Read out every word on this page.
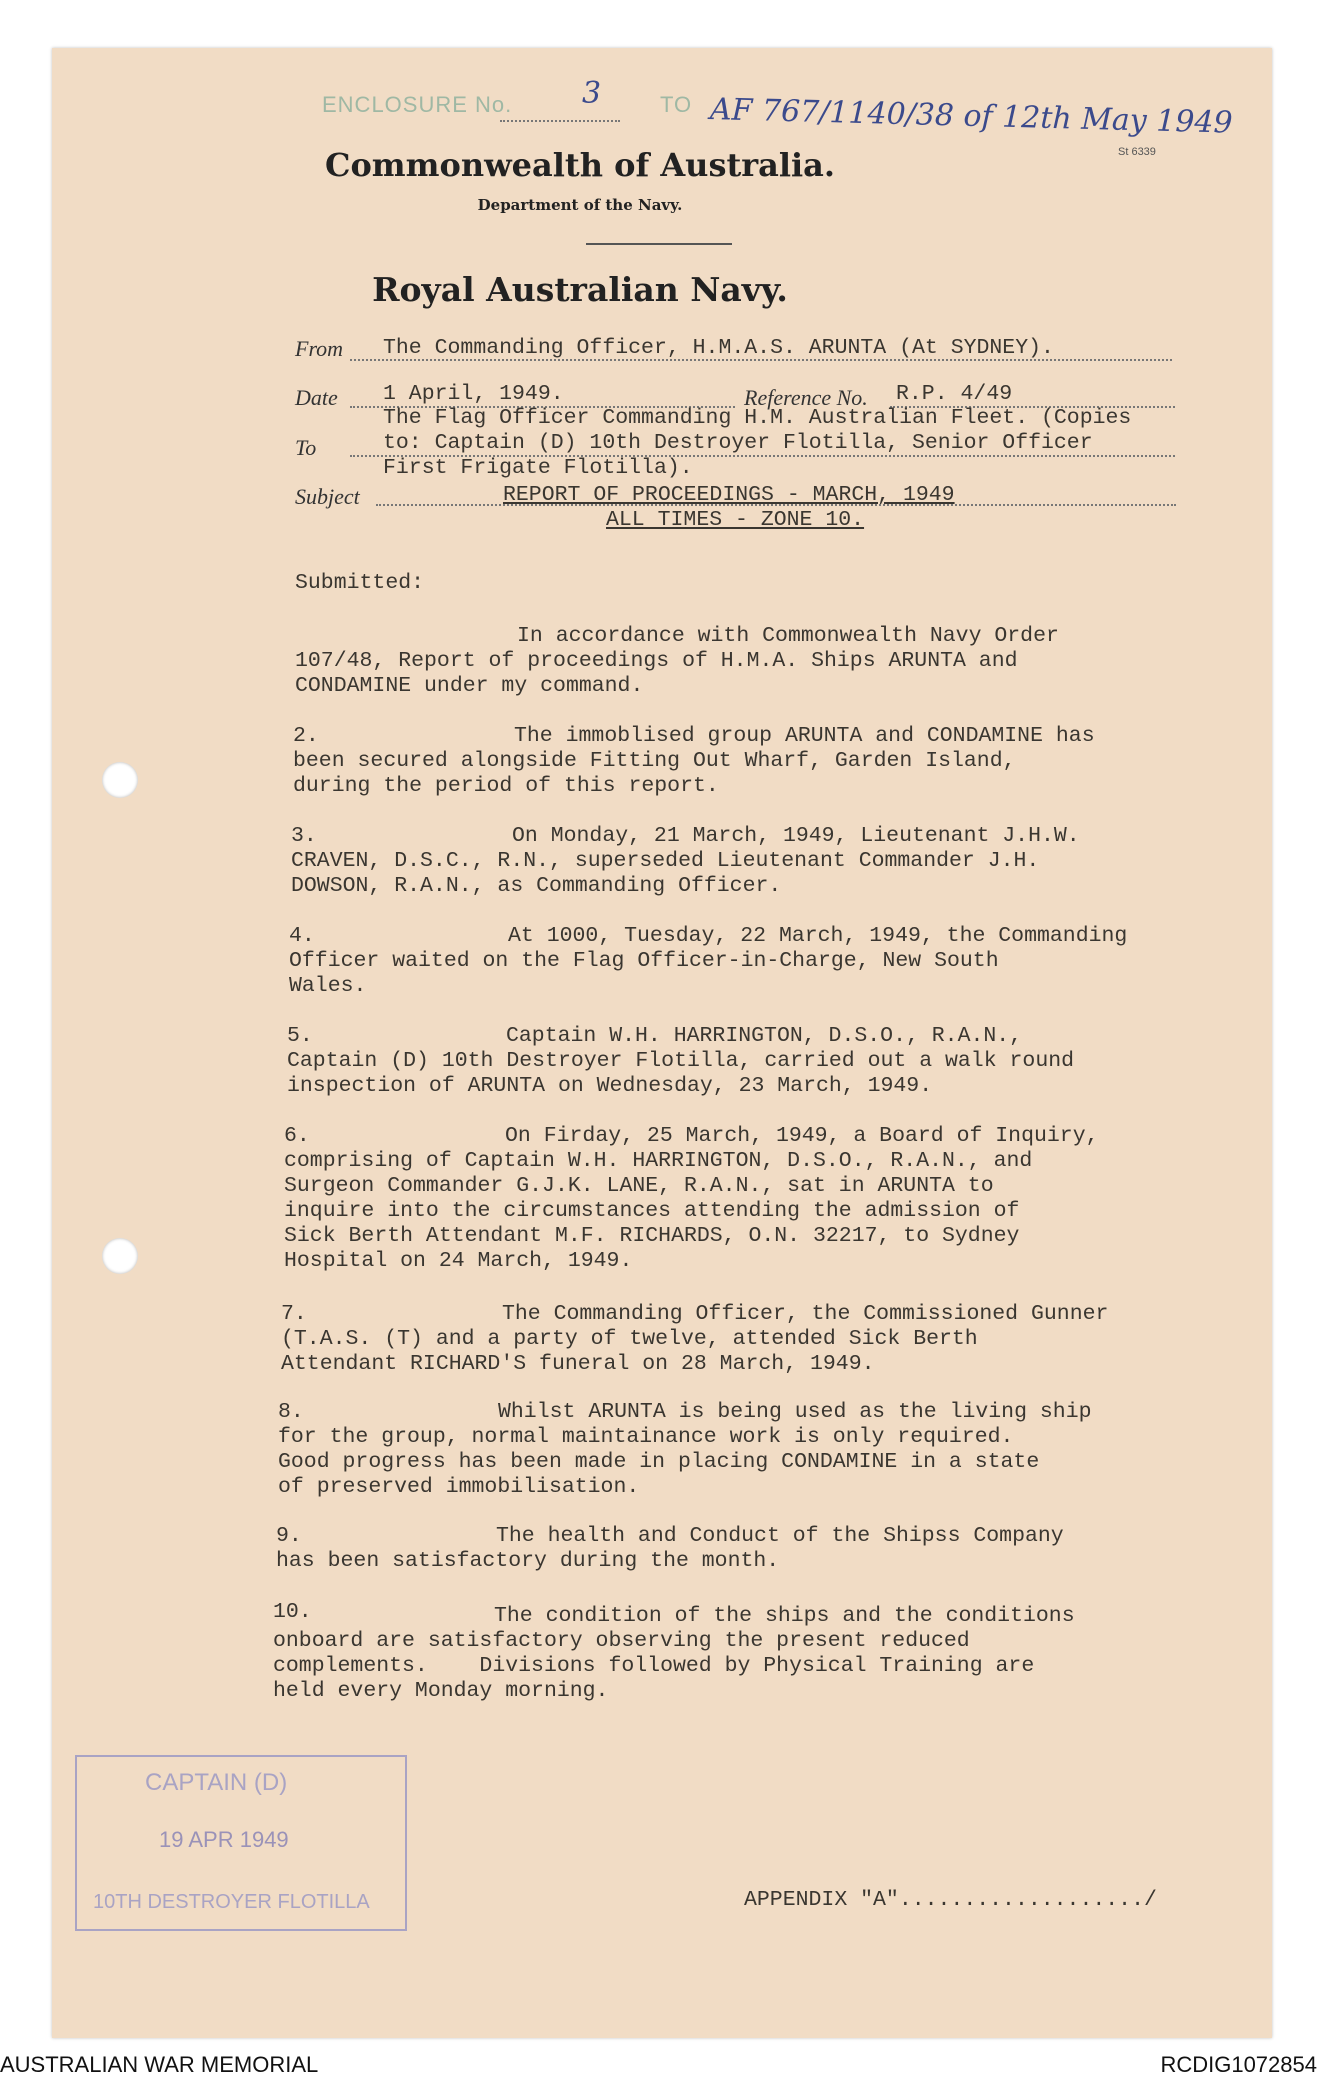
ENCLOSURE No. 3	TO AF 767/1140/38 of 12th May 1949
St 6339
Commonwealth of Australia.
Department of the Navy.
Royal Australian Navy.
From The Commanding Officer, H.M.A.S. ARUNTA (At SYDNEY).
Date 1 April, 1949.	Reference No. R.P. 4/49
To
The Flag Officer Commanding H.M. Australian Fleet. (Copies
to: Captain (D) 10th Destroyer Flotilla, Senior Officer
First Frigate Flotilla).
Subject	REPORT OF PROCEEDINGS - MARCH, 1949
ALL TIMES - ZONE 10.
Submitted:
In accordance with Commonwealth Navy Order
107/48, Report of proceedings of H.M.A. Ships ARUNTA and
CONDAMINE under my command.
2.	The immoblised group ARUNTA and CONDAMINE has
been secured alongside Fitting Out Wharf, Garden Island,
during the period of this report.
3.	On Monday, 21 March, 1949, Lieutenant J.H.W.
CRAVEN, D.S.C., R.N., superseded Lieutenant Commander J.H.
DOWSON, R.A.N., as Commanding Officer.
4.	At 1000, Tuesday, 22 March, 1949, the Commanding
Officer waited on the Flag Officer-in-Charge, New South
Wales.
5.	Captain W.H. HARRINGTON, D.S.O., R.A.N.,
Captain (D) 10th Destroyer Flotilla, carried out a walk round
inspection of ARUNTA on Wednesday, 23 March, 1949.
6.	On Firday, 25 March, 1949, a Board of Inquiry,
comprising of Captain W.H. HARRINGTON, D.S.O., R.A.N., and
Surgeon Commander G.J.K. LANE, R.A.N., sat in ARUNTA to
inquire into the circumstances attending the admission of
Sick Berth Attendant M.F. RICHARDS, O.N. 32217, to Sydney
Hospital on 24 March, 1949.
7.	The Commanding Officer, the Commissioned Gunner
(T.A.S. (T) and a party of twelve, attended Sick Berth
Attendant RICHARD'S funeral on 28 March, 1949.
8.	Whilst ARUNTA is being used as the living ship
for the group, normal maintainance work is only required.
Good progress has been made in placing CONDAMINE in a state
of preserved immobilisation.
9.	The health and Conduct of the Shipss Company
has been satisfactory during the month.
10.	The condition of the ships and the conditions
onboard are satisfactory observing the present reduced
complements.    Divisions followed by Physical Training are
held every Monday morning.
CAPTAIN (D)
19 APR 1949
10TH DESTROYER FLOTILLA	APPENDIX "A".................../
AUSTRALIAN WAR MEMORIAL	RCDIG1072854
